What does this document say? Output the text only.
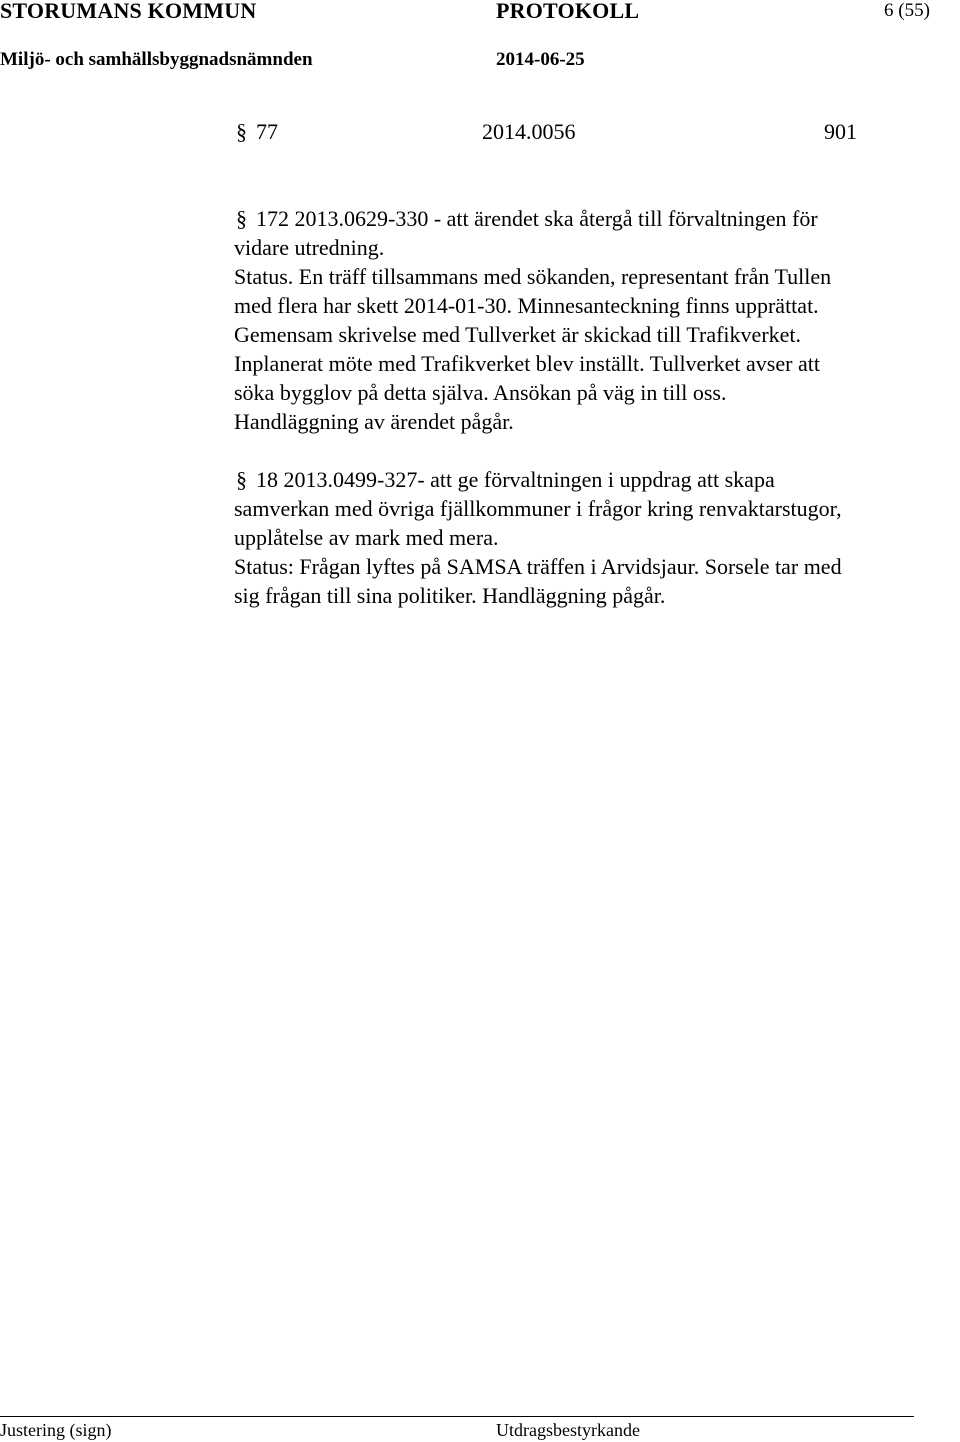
STORUMANS KOMMUN	PROTOKOLL	6 (55)
Miljö- och samhällsbyggnadsnämnden	2014-06-25
§ 77	2014.0056	901
§ 172 2013.0629-330 - att ärendet ska återgå till förvaltningen för
vidare utredning.
Status. En träff tillsammans med sökanden, representant från Tullen
med flera har skett 2014-01-30. Minnesanteckning finns upprättat.
Gemensam skrivelse med Tullverket är skickad till Trafikverket.
Inplanerat möte med Trafikverket blev inställt. Tullverket avser att
söka bygglov på detta själva. Ansökan på väg in till oss.
Handläggning av ärendet pågår.
§ 18 2013.0499-327- att ge förvaltningen i uppdrag att skapa
samverkan med övriga fjällkommuner i frågor kring renvaktarstugor,
upplåtelse av mark med mera.
Status: Frågan lyftes på SAMSA träffen i Arvidsjaur. Sorsele tar med
sig frågan till sina politiker. Handläggning pågår.
Justering (sign)	Utdragsbestyrkande
